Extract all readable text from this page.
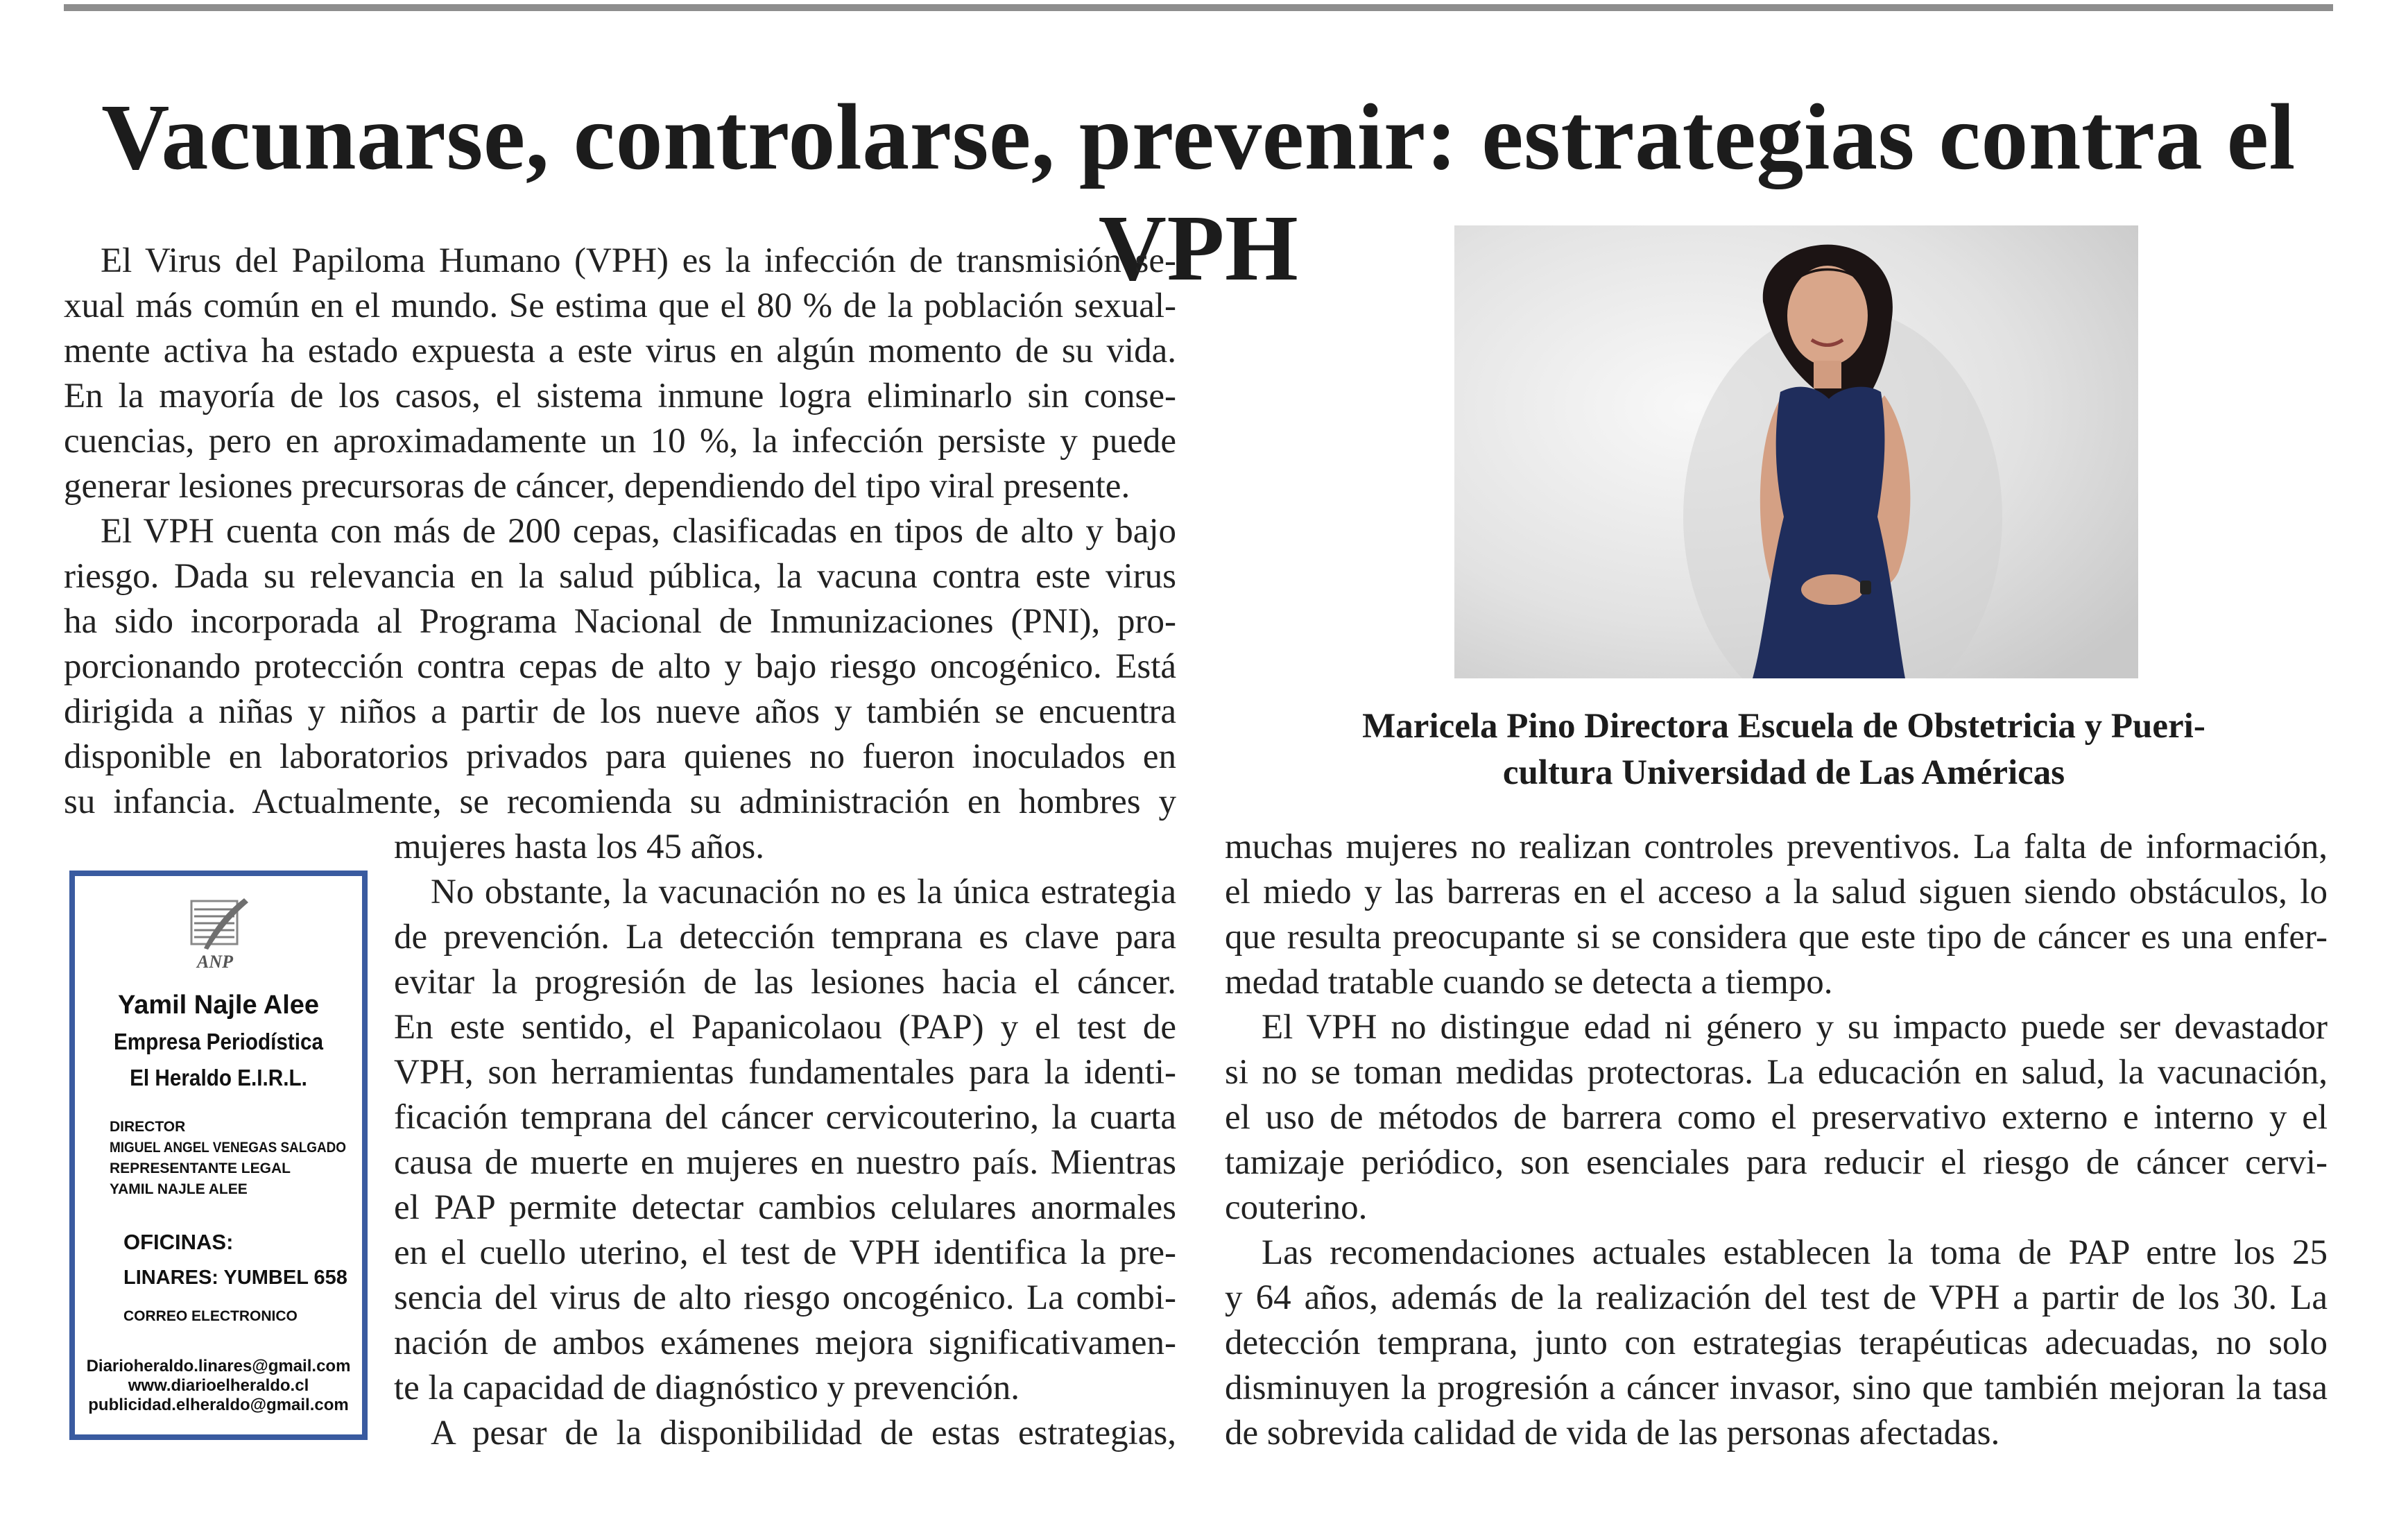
Vacunarse, controlarse, prevenir: estrategias contra el VPH

El Virus del Papiloma Humano (VPH) es la infección de transmisión se-

xual más común en el mundo. Se estima que el 80 % de la población sexual-

mente activa ha estado expuesta a este virus en algún momento de su vida.

En la mayoría de los casos, el sistema inmune logra eliminarlo sin conse-

cuencias, pero en aproximadamente un 10 %, la infección persiste y puede

generar lesiones precursoras de cáncer, dependiendo del tipo viral presente.

El VPH cuenta con más de 200 cepas, clasificadas en tipos de alto y bajo

riesgo. Dada su relevancia en la salud pública, la vacuna contra este virus

ha sido incorporada al Programa Nacional de Inmunizaciones (PNI), pro-

porcionando protección contra cepas de alto y bajo riesgo oncogénico. Está

dirigida a niñas y niños a partir de los nueve años y también se encuentra

disponible en laboratorios privados para quienes no fueron inoculados en

su infancia. Actualmente, se recomienda su administración en hombres y

mujeres hasta los 45 años.

No obstante, la vacunación no es la única estrategia

de prevención. La detección temprana es clave para

evitar la progresión de las lesiones hacia el cáncer.

En este sentido, el Papanicolaou (PAP) y el test de

VPH, son herramientas fundamentales para la identi-

ficación temprana del cáncer cervicouterino, la cuarta

causa de muerte en mujeres en nuestro país. Mientras

el PAP permite detectar cambios celulares anormales

en el cuello uterino, el test de VPH identifica la pre-

sencia del virus de alto riesgo oncogénico. La combi-

nación de ambos exámenes mejora significativamen-

te la capacidad de diagnóstico y prevención.

A pesar de la disponibilidad de estas estrategias,

muchas mujeres no realizan controles preventivos. La falta de información,

el miedo y las barreras en el acceso a la salud siguen siendo obstáculos, lo

que resulta preocupante si se considera que este tipo de cáncer es una enfer-

medad tratable cuando se detecta a tiempo.

El VPH no distingue edad ni género y su impacto puede ser devastador

si no se toman medidas protectoras. La educación en salud, la vacunación,

el uso de métodos de barrera como el preservativo externo e interno y el

tamizaje periódico, son esenciales para reducir el riesgo de cáncer cervi-

couterino.

Las recomendaciones actuales establecen la toma de PAP entre los 25

y 64 años, además de la realización del test de VPH a partir de los 30. La

detección temprana, junto con estrategias terapéuticas adecuadas, no solo

disminuyen la progresión a cáncer invasor, sino que también mejoran la tasa

de sobrevida calidad de vida de las personas afectadas.

Maricela Pino Directora Escuela de Obstetricia y Pueri-
cultura Universidad de Las Américas

ANP

Yamil Najle Alee

Empresa Periodística

El Heraldo E.I.R.L.

DIRECTOR

MIGUEL ANGEL VENEGAS SALGADO

REPRESENTANTE LEGAL

YAMIL NAJLE ALEE

OFICINAS:

LINARES: YUMBEL 658

CORREO ELECTRONICO

Diarioheraldo.linares@gmail.com

www.diarioelheraldo.cl

publicidad.elheraldo@gmail.com
